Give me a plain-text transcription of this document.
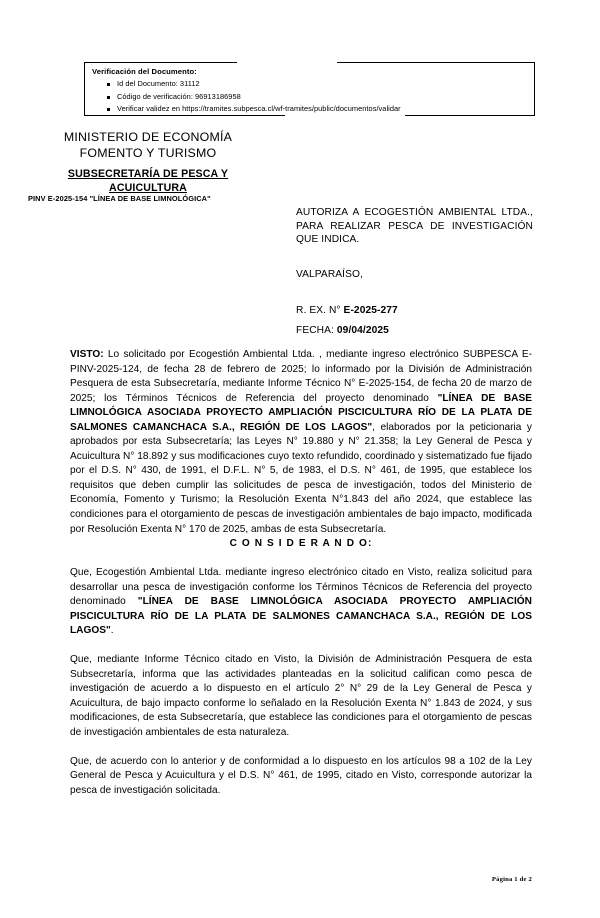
Verificación del Documento:
Id del Documento: 31112
Código de verificación: 96913186958
Verificar validez en https://tramites.subpesca.cl/wf-tramites/public/documentos/validar
MINISTERIO DE ECONOMÍA
FOMENTO Y TURISMO
SUBSECRETARÍA DE PESCA Y
ACUICULTURA
PINV E-2025-154 "LÍNEA DE BASE LIMNOLÓGICA"
AUTORIZA A ECOGESTIÓN AMBIENTAL LTDA., PARA REALIZAR PESCA DE INVESTIGACIÓN QUE INDICA.
VALPARAÍSO,
R. EX. N° E-2025-277
FECHA: 09/04/2025

VISTO: Lo solicitado por Ecogestión Ambiental Ltda. , mediante ingreso electrónico SUBPESCA E-PINV-2025-124, de fecha 28 de febrero de 2025; lo informado por la División de Administración Pesquera de esta Subsecretaría, mediante Informe Técnico N° E-2025-154, de fecha 20 de marzo de 2025; los Términos Técnicos de Referencia del proyecto denominado "LÍNEA DE BASE LIMNOLÓGICA ASOCIADA PROYECTO AMPLIACIÓN PISCICULTURA RÍO DE LA PLATA DE SALMONES CAMANCHACA S.A., REGIÓN DE LOS LAGOS", elaborados por la peticionaria y aprobados por esta Subsecretaría; las Leyes N° 19.880 y N° 21.358; la Ley General de Pesca y Acuicultura N° 18.892 y sus modificaciones cuyo texto refundido, coordinado y sistematizado fue fijado por el D.S. N° 430, de 1991, el D.F.L. N° 5, de 1983, el D.S. N° 461, de 1995, que establece los requisitos que deben cumplir las solicitudes de pesca de investigación, todos del Ministerio de Economía, Fomento y Turismo; la Resolución Exenta N°1.843 del año 2024, que establece las condiciones para el otorgamiento de pescas de investigación ambientales de bajo impacto, modificada por Resolución Exenta N° 170 de 2025, ambas de esta Subsecretaría.

C O N S I D E R A N D O:

Que, Ecogestión Ambiental Ltda. mediante ingreso electrónico citado en Visto, realiza solicitud para desarrollar una pesca de investigación conforme los Términos Técnicos de Referencia del proyecto denominado "LÍNEA DE BASE LIMNOLÓGICA ASOCIADA PROYECTO AMPLIACIÓN PISCICULTURA RÍO DE LA PLATA DE SALMONES CAMANCHACA S.A., REGIÓN DE LOS LAGOS".

Que, mediante Informe Técnico citado en Visto, la División de Administración Pesquera de esta Subsecretaría, informa que las actividades planteadas en la solicitud califican como pesca de investigación de acuerdo a lo dispuesto en el artículo 2° N° 29 de la Ley General de Pesca y Acuicultura, de bajo impacto conforme lo señalado en la Resolución Exenta N° 1.843 de 2024, y sus modificaciones, de esta Subsecretaría, que establece las condiciones para el otorgamiento de pescas de investigación ambientales de esta naturaleza.

Que, de acuerdo con lo anterior y de conformidad a lo dispuesto en los artículos 98 a 102 de la Ley General de Pesca y Acuicultura y el D.S. N° 461, de 1995, citado en Visto, corresponde autorizar la pesca de investigación solicitada.

Página 1 de 2
